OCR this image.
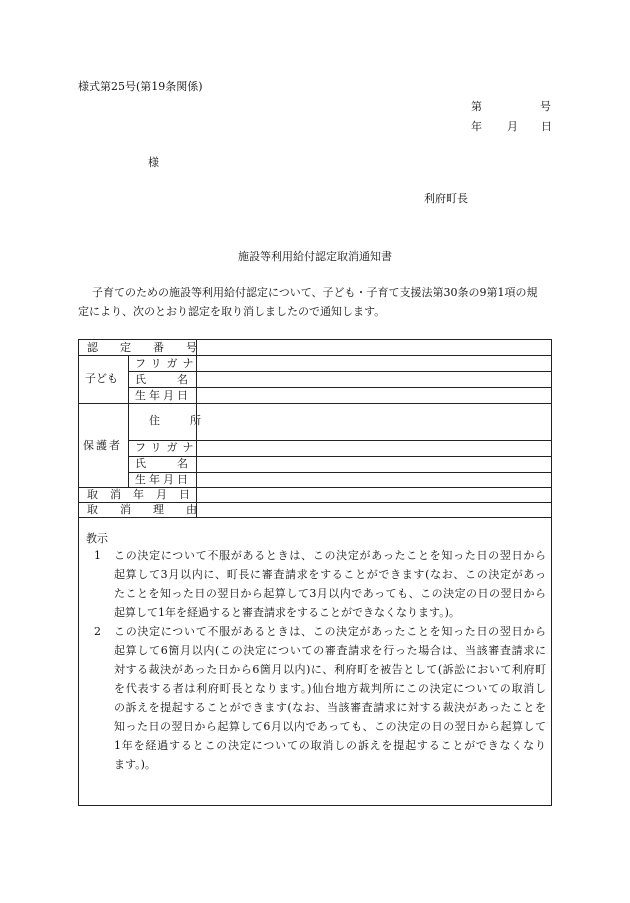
様式第25号(第19条関係)
第	号
年 月 日
様
利府町長
施設等利用給付認定取消通知書
子育てのための施設等利用給付認定について、子ども・子育て支援法第30条の9第1項の規
定により、次のとおり認定を取り消しましたので通知します。
認定番号
子ども
フリガナ
氏名
生年月日
保護者
住所
フリガナ
氏名
生年月日
取消年月日
取消理由
教示
1 この決定について不服があるときは、この決定があったことを知った日の翌日から
起算して3月以内に、町長に審査請求をすることができます(なお、この決定があっ
たことを知った日の翌日から起算して3月以内であっても、この決定の日の翌日から
起算して1年を経過すると審査請求をすることができなくなります。)。
2 この決定について不服があるときは、この決定があったことを知った日の翌日から
起算して6箇月以内(この決定についての審査請求を行った場合は、当該審査請求に
対する裁決があった日から6箇月以内)に、利府町を被告として(訴訟において利府町
を代表する者は利府町長となります。)仙台地方裁判所にこの決定についての取消し
の訴えを提起することができます(なお、当該審査請求に対する裁決があったことを
知った日の翌日から起算して6月以内であっても、この決定の日の翌日から起算して
1年を経過するとこの決定についての取消しの訴えを提起することができなくなり
ます。)。
